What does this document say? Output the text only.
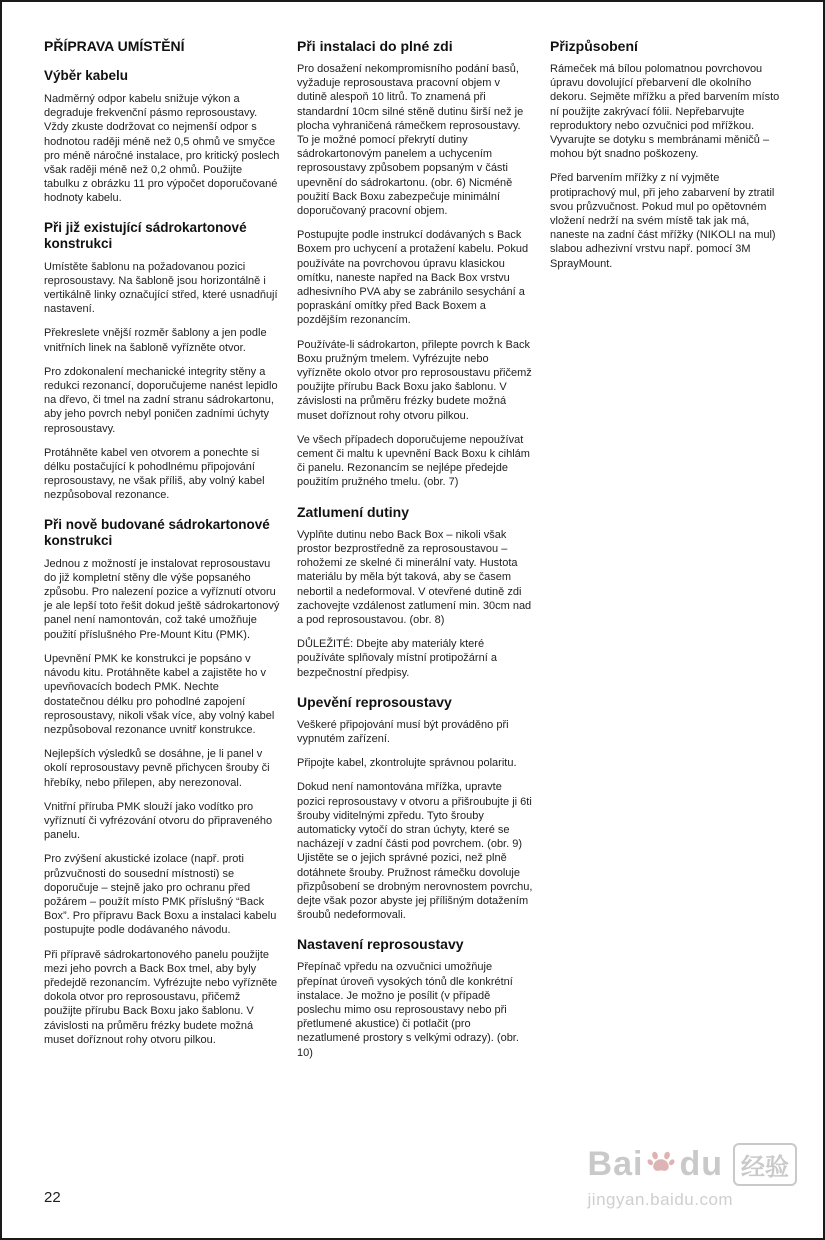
PŘÍPRAVA UMÍSTĚNÍ
Výběr kabelu

Nadměrný odpor kabelu snižuje výkon a degraduje frekvenční pásmo reprosoustavy. Vždy zkuste dodržovat co nejmenší odpor s hodnotou raději méně než 0,5 ohmů ve smyčce pro méně náročné instalace, pro kritický poslech však raději méně než 0,2 ohmů. Použijte tabulku z obrázku 11 pro výpočet doporučované hodnoty kabelu.

Při již existující sádrokartonové konstrukci

Umístěte šablonu na požadovanou pozici reprosoustavy. Na šabloně jsou horizontálně i vertikálně linky označující střed, které usnadňují nastavení.

Překreslete vnější rozměr šablony a jen podle vnitřních linek na šabloně vyřízněte otvor.

Pro zdokonalení mechanické integrity stěny a redukci rezonancí, doporučujeme nanést lepidlo na dřevo, či tmel na zadní stranu sádrokartonu, aby jeho povrch nebyl poničen zadními úchyty reprosoustavy.

Protáhněte kabel ven otvorem a ponechte si délku postačující k pohodlnému připojování reprosoustavy, ne však příliš, aby volný kabel nezpůsoboval rezonance.

Při nově budované sádrokartonové konstrukci

Jednou z možností je instalovat reprosoustavu do již kompletní stěny dle výše popsaného způsobu. Pro nalezení pozice a vyříznutí otvoru je ale lepší toto řešit dokud ještě sádrokartonový panel není namontován, což také umožňuje použití příslušného Pre-Mount Kitu (PMK).

Upevnění PMK ke konstrukci je popsáno v návodu kitu. Protáhněte kabel a zajistěte ho v upevňovacích bodech PMK. Nechte dostatečnou délku pro pohodlné zapojení reprosoustavy, nikoli však více, aby volný kabel nezpůsoboval rezonance uvnitř konstrukce.

Nejlepších výsledků se dosáhne, je li panel v okolí reprosoustavy pevně přichycen šrouby či hřebíky, nebo přilepen, aby nerezonoval.

Vnitřní příruba PMK slouží jako vodítko pro vyříznutí či vyfrézování otvoru do připraveného panelu.

Pro zvýšení akustické izolace (např. proti průzvučnosti do sousední místnosti) se doporučuje – stejně jako pro ochranu před požárem – použít místo PMK příslušný “Back Box”. Pro přípravu Back Boxu a instalaci kabelu postupujte podle dodávaného návodu.

Při přípravě sádrokartonového panelu použijte mezi jeho povrch a Back Box tmel, aby byly předejdě rezonancím. Vyfrézujte nebo vyřízněte dokola otvor pro reprosoustavu, přičemž použijte přírubu Back Boxu jako šablonu. V závislosti na průměru frézky budete možná muset doříznout rohy otvoru pilkou.

Při instalaci do plné zdi

Pro dosažení nekompromisního podání basů, vyžaduje reprosoustava pracovní objem v dutině alespoň 10 litrů. To znamená při standardní 10cm silné stěně dutinu širší než je plocha vyhraničená rámečkem reprosoustavy. To je možné pomocí překrytí dutiny sádrokartonovým panelem a uchycením reprosoustavy způsobem popsaným v části upevnění do sádrokartonu. (obr. 6) Nicméně použití Back Boxu zabezpečuje minimální doporučovaný pracovní objem.

Postupujte podle instrukcí dodávaných s Back Boxem pro uchycení a protažení kabelu. Pokud používáte na povrchovou úpravu klasickou omítku, naneste napřed na Back Box vrstvu adhesivního PVA aby se zabránilo sesychání a popraskání omítky před Back Boxem a pozdějším rezonancím.

Používáte-li sádrokarton, přilepte povrch k Back Boxu pružným tmelem. Vyfrézujte nebo vyřízněte okolo otvor pro reprosoustavu přičemž použijte přírubu Back Boxu jako šablonu. V závislosti na průměru frézky budete možná muset doříznout rohy otvoru pilkou.

Ve všech případech doporučujeme nepoužívat cement či maltu k upevnění Back Boxu k cihlám či panelu. Rezonancím se nejlépe předejde použitím pružného tmelu. (obr. 7)

Zatlumení dutiny

Vyplňte dutinu nebo Back Box – nikoli však prostor bezprostředně za reprosoustavou – rohožemi ze skelné či minerální vaty. Hustota materiálu by měla být taková, aby se časem nebortil a nedeformoval. V otevřené dutině zdi zachovejte vzdálenost zatlumení min. 30cm nad a pod reprosoustavou. (obr. 8)

DŮLEŽITÉ: Dbejte aby materiály které používáte splňovaly místní protipožární a bezpečnostní předpisy.

Upevění reprosoustavy

Veškeré připojování musí být prováděno při vypnutém zařízení.

Připojte kabel, zkontrolujte správnou polaritu.

Dokud není namontována mřížka, upravte pozici reprosoustavy v otvoru a přišroubujte ji 6ti šrouby viditelnými zpředu. Tyto šrouby automaticky vytočí do stran úchyty, které se nacházejí v zadní části pod povrchem. (obr. 9) Ujistěte se o jejich správné pozici, než plně dotáhnete šrouby. Pružnost rámečku dovoluje přizpůsobení se drobným nerovnostem povrchu, dejte však pozor abyste jej přílišným dotažením šroubů nedeformovali.

Nastavení reprosoustavy

Přepínač vpředu na ozvučnici umožňuje přepínat úroveň vysokých tónů dle konkrétní instalace. Je možno je posílit (v případě poslechu mimo osu reprosoustavy nebo při přetlumené akustice) či potlačit (pro nezatlumené prostory s velkými odrazy). (obr. 10)

Přizpůsobení

Rámeček má bílou polomatnou povrchovou úpravu dovolující přebarvení dle okolního dekoru. Sejměte mřížku a před barvením místo ní použijte zakrývací fólii. Nepřebarvujte reproduktory nebo ozvučnici pod mřížkou. Vyvarujte se dotyku s membránami měničů – mohou být snadno poškozeny.

Před barvením mřížky z ní vyjměte protiprachový mul, při jeho zabarvení by ztratil svou průzvučnost. Pokud mul po opětovném vložení nedrží na svém místě tak jak má, naneste na zadní část mřížky (NIKOLI na mul) slabou adhezivní vrstvu např. pomocí 3M SprayMount.

22
Bai du 经验
jingyan.baidu.com
